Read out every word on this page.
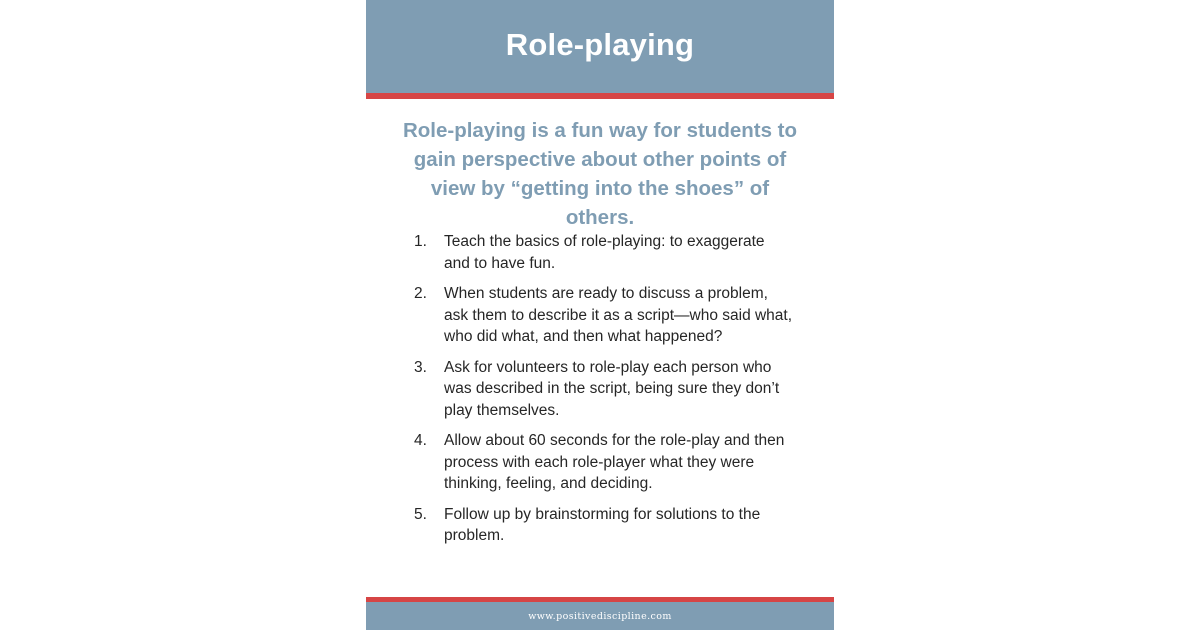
Role-playing
Role-playing is a fun way for students to gain perspective about other points of view by “getting into the shoes” of others.
1.	Teach the basics of role-playing: to exaggerate and to have fun.
2.	When students are ready to discuss a problem, ask them to describe it as a script—who said what, who did what, and then what happened?
3.	Ask for volunteers to role-play each person who was described in the script, being sure they don’t play themselves.
4.	Allow about 60 seconds for the role-play and then process with each role-player what they were thinking, feeling, and deciding.
5.	Follow up by brainstorming for solutions to the problem.
www.positivediscipline.com
